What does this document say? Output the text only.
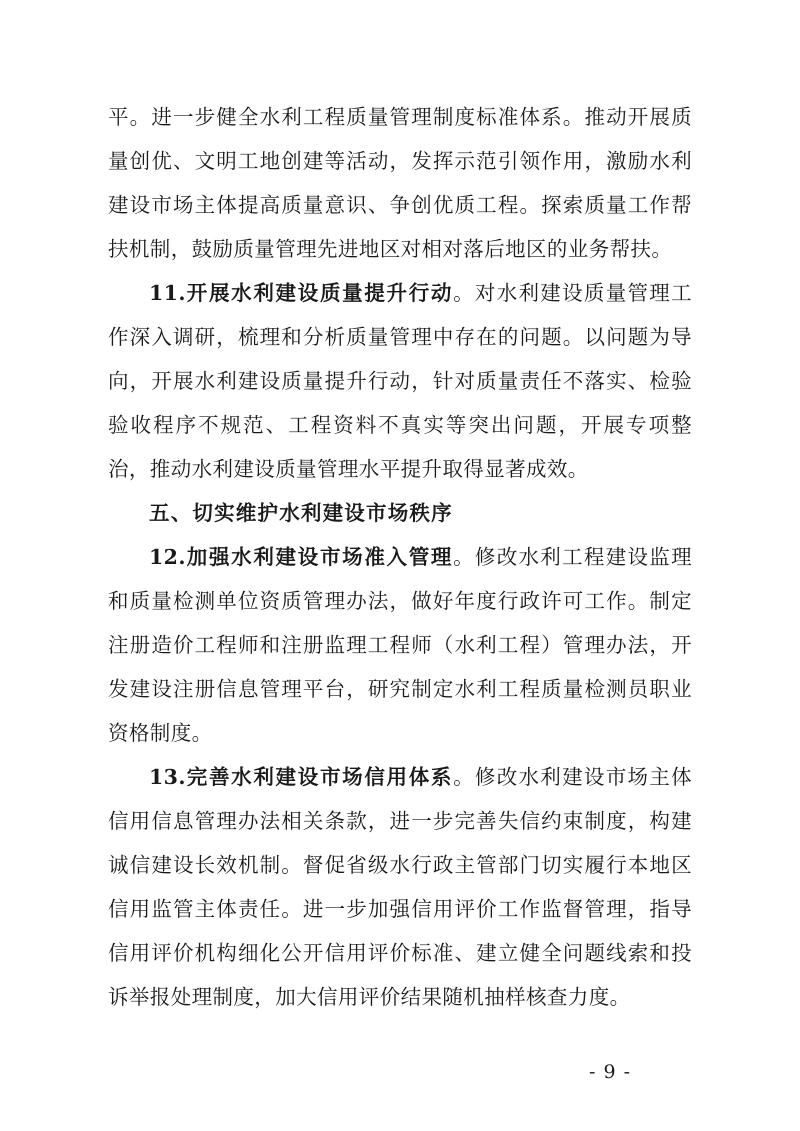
平。进一步健全水利工程质量管理制度标准体系。推动开展质量创优、文明工地创建等活动，发挥示范引领作用，激励水利建设市场主体提高质量意识、争创优质工程。探索质量工作帮扶机制，鼓励质量管理先进地区对相对落后地区的业务帮扶。

11.开展水利建设质量提升行动。对水利建设质量管理工作深入调研，梳理和分析质量管理中存在的问题。以问题为导向，开展水利建设质量提升行动，针对质量责任不落实、检验验收程序不规范、工程资料不真实等突出问题，开展专项整治，推动水利建设质量管理水平提升取得显著成效。

五、切实维护水利建设市场秩序

12.加强水利建设市场准入管理。修改水利工程建设监理和质量检测单位资质管理办法，做好年度行政许可工作。制定注册造价工程师和注册监理工程师（水利工程）管理办法，开发建设注册信息管理平台，研究制定水利工程质量检测员职业资格制度。

13.完善水利建设市场信用体系。修改水利建设市场主体信用信息管理办法相关条款，进一步完善失信约束制度，构建诚信建设长效机制。督促省级水行政主管部门切实履行本地区信用监管主体责任。进一步加强信用评价工作监督管理，指导信用评价机构细化公开信用评价标准、建立健全问题线索和投诉举报处理制度，加大信用评价结果随机抽样核查力度。

- 9 -
